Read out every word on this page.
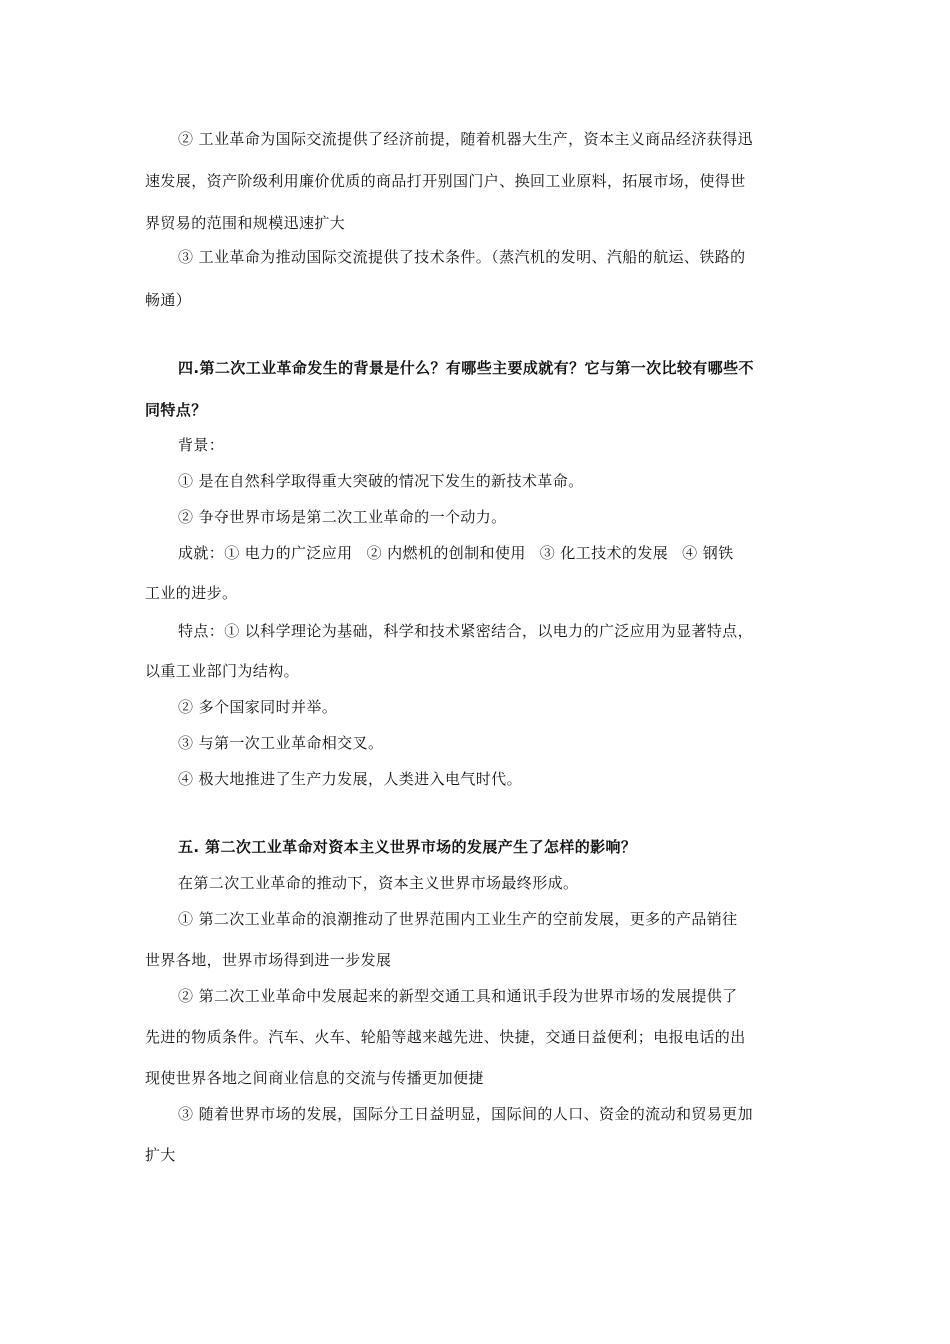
② 工业革命为国际交流提供了经济前提，随着机器大生产，资本主义商品经济获得迅
速发展，资产阶级利用廉价优质的商品打开别国门户、换回工业原料，拓展市场，使得世
界贸易的范围和规模迅速扩大
③ 工业革命为推动国际交流提供了技术条件。（蒸汽机的发明、汽船的航运、铁路的
畅通）
四.第二次工业革命发生的背景是什么？有哪些主要成就有？它与第一次比较有哪些不
同特点？
背景：
① 是在自然科学取得重大突破的情况下发生的新技术革命。
② 争夺世界市场是第二次工业革命的一个动力。
成就：① 电力的广泛应用 ② 内燃机的创制和使用 ③ 化工技术的发展 ④ 钢铁
工业的进步。
特点：① 以科学理论为基础，科学和技术紧密结合，以电力的广泛应用为显著特点，
以重工业部门为结构。
② 多个国家同时并举。
③ 与第一次工业革命相交叉。
④ 极大地推进了生产力发展，人类进入电气时代。
五. 第二次工业革命对资本主义世界市场的发展产生了怎样的影响？
在第二次工业革命的推动下，资本主义世界市场最终形成。
① 第二次工业革命的浪潮推动了世界范围内工业生产的空前发展，更多的产品销往
世界各地，世界市场得到进一步发展
② 第二次工业革命中发展起来的新型交通工具和通讯手段为世界市场的发展提供了
先进的物质条件。汽车、火车、轮船等越来越先进、快捷，交通日益便利；电报电话的出
现使世界各地之间商业信息的交流与传播更加便捷
③ 随着世界市场的发展，国际分工日益明显，国际间的人口、资金的流动和贸易更加
扩大
